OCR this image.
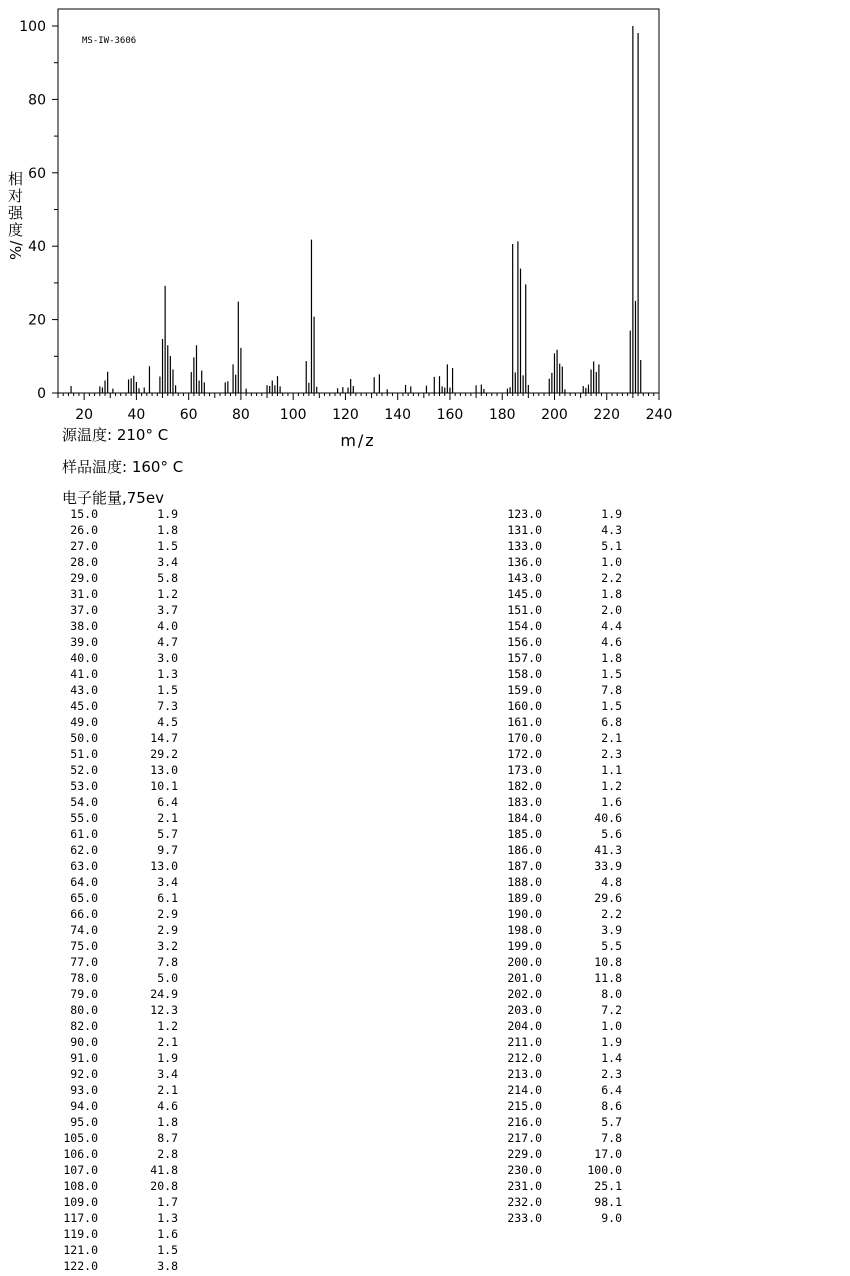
0
20
40
60
80
100
20 40 60 80 100 120 140 160 180 200 220 240
MS-IW-3606
相
对
强
度
%/
m/z
源温度: 210° C
样品温度: 160° C
电子能量,75ev
15.0	1.9
26.0	1.8
27.0	1.5
28.0	3.4
29.0	5.8
31.0	1.2
37.0	3.7
38.0	4.0
39.0	4.7
40.0	3.0
41.0	1.3
43.0	1.5
45.0	7.3
49.0	4.5
50.0	14.7
51.0	29.2
52.0	13.0
53.0	10.1
54.0	6.4
55.0	2.1
61.0	5.7
62.0	9.7
63.0	13.0
64.0	3.4
65.0	6.1
66.0	2.9
74.0	2.9
75.0	3.2
77.0	7.8
78.0	5.0
79.0	24.9
80.0	12.3
82.0	1.2
90.0	2.1
91.0	1.9
92.0	3.4
93.0	2.1
94.0	4.6
95.0	1.8
105.0	8.7
106.0	2.8
107.0	41.8
108.0	20.8
109.0	1.7
117.0	1.3
119.0	1.6
121.0	1.5
122.0	3.8
123.0	1.9
131.0	4.3
133.0	5.1
136.0	1.0
143.0	2.2
145.0	1.8
151.0	2.0
154.0	4.4
156.0	4.6
157.0	1.8
158.0	1.5
159.0	7.8
160.0	1.5
161.0	6.8
170.0	2.1
172.0	2.3
173.0	1.1
182.0	1.2
183.0	1.6
184.0	40.6
185.0	5.6
186.0	41.3
187.0	33.9
188.0	4.8
189.0	29.6
190.0	2.2
198.0	3.9
199.0	5.5
200.0	10.8
201.0	11.8
202.0	8.0
203.0	7.2
204.0	1.0
211.0	1.9
212.0	1.4
213.0	2.3
214.0	6.4
215.0	8.6
216.0	5.7
217.0	7.8
229.0	17.0
230.0	100.0
231.0	25.1
232.0	98.1
233.0	9.0
